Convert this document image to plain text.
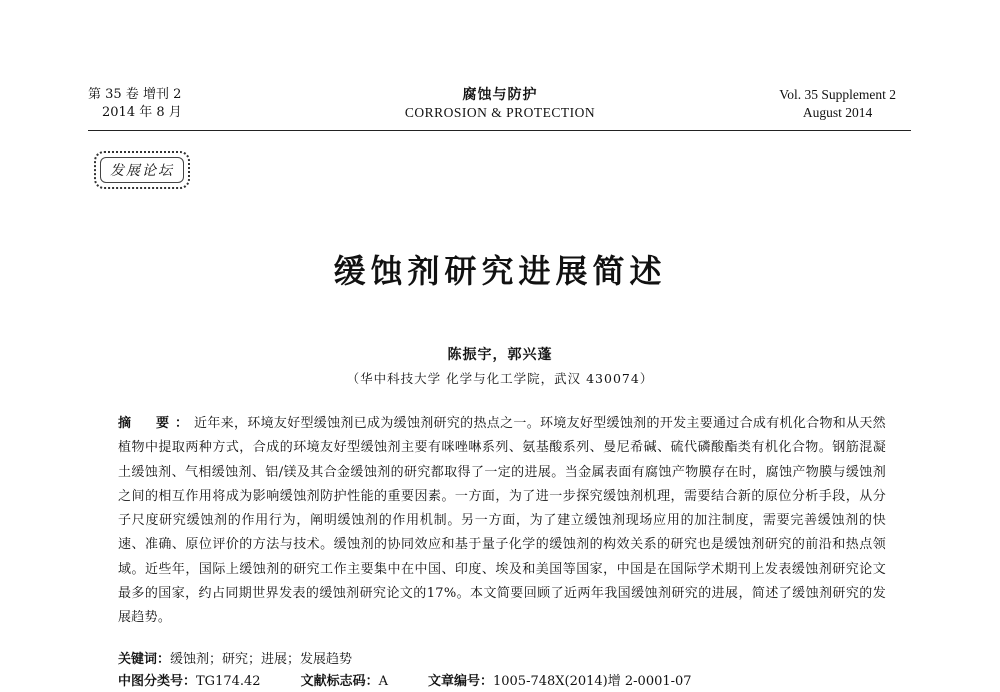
第 35 卷 增刊 2
2014 年 8 月
腐蚀与防护
CORROSION & PROTECTION
Vol. 35 Supplement 2
August 2014
发展论坛
缓蚀剂研究进展简述
陈振宇，郭兴蓬
（华中科技大学 化学与化工学院，武汉 430074）
摘　要：近年来，环境友好型缓蚀剂已成为缓蚀剂研究的热点之一。环境友好型缓蚀剂的开发主要通过合成有机化合物和从天然植物中提取两种方式，合成的环境友好型缓蚀剂主要有咪唑啉系列、氨基酸系列、曼尼希碱、硫代磷酸酯类有机化合物。钢筋混凝土缓蚀剂、气相缓蚀剂、铝/镁及其合金缓蚀剂的研究都取得了一定的进展。当金属表面有腐蚀产物膜存在时，腐蚀产物膜与缓蚀剂之间的相互作用将成为影响缓蚀剂防护性能的重要因素。一方面，为了进一步探究缓蚀剂机理，需要结合新的原位分析手段，从分子尺度研究缓蚀剂的作用行为，阐明缓蚀剂的作用机制。另一方面，为了建立缓蚀剂现场应用的加注制度，需要完善缓蚀剂的快速、准确、原位评价的方法与技术。缓蚀剂的协同效应和基于量子化学的缓蚀剂的构效关系的研究也是缓蚀剂研究的前沿和热点领域。近些年，国际上缓蚀剂的研究工作主要集中在中国、印度、埃及和美国等国家，中国是在国际学术期刊上发表缓蚀剂研究论文最多的国家，约占同期世界发表的缓蚀剂研究论文的17%。本文简要回顾了近两年我国缓蚀剂研究的进展，简述了缓蚀剂研究的发展趋势。
关键词：缓蚀剂；研究；进展；发展趋势
中图分类号：TG174.42	文献标志码：A	文章编号：1005-748X(2014)增 2-0001-07
